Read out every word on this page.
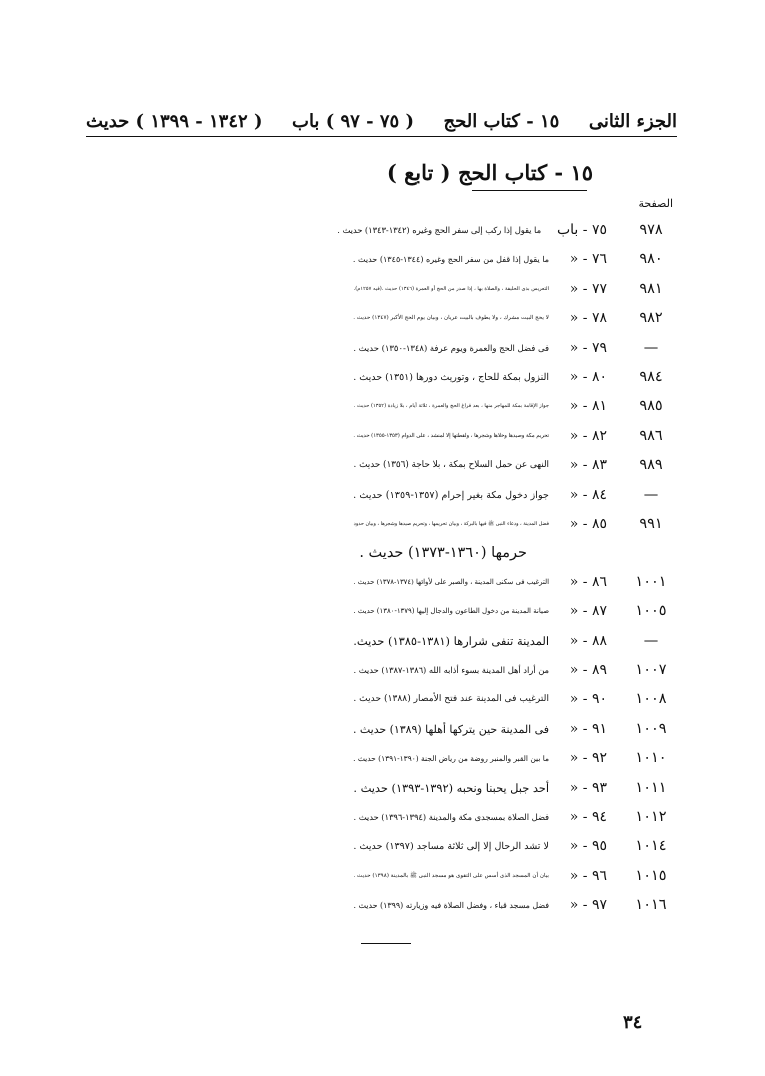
الجزء الثانى
١٥ - كتاب الحج
( ٧٥ - ٩٧ ) باب
( ١٣٤٢ - ١٣٩٩ ) حديث
١٥ - كتاب الحج ( تابع )
الصفحة
٩٧٨
٧٥ - باب
ما يقول إذا ركب إلى سفر الحج وغيره (١٣٤٢-١٣٤٣) حديث .
٩٨٠
٧٦ - «
ما يقول إذا قفل من سفر الحج وغيره (١٣٤٤-١٣٤٥) حديث .
٩٨١
٧٧ - «
التعريس بذى الحليفة ، والصلاة بها ، إذا صدر من الحج أو العمرة (١٣٤٦) حديث .(فيه ١٢٥٧م).
٩٨٢
٧٨ - «
لا يحج البيت مشرك ، ولا يطوف بالبيت عريان ، وبيان يوم الحج الأكبر (١٣٤٧) حديث .
—
٧٩ - «
فى فضل الحج والعمرة ويوم عرفة (١٣٤٨-١٣٥٠) حديث .
٩٨٤
٨٠ - «
النزول بمكة للحاج ، وتوريث دورها (١٣٥١) حديث .
٩٨٥
٨١ - «
جواز الإقامة بمكة للمهاجر منها ، بعد فراغ الحج والعمرة ، ثلاثة أيام ، بلا زيادة (١٣٥٢) حديث .
٩٨٦
٨٢ - «
تحريم مكة وصيدها وخلاها وشجرها ، ولقطتها إلا لمنشد ، على الدوام (١٣٥٣-١٣٥٥) حديث .
٩٨٩
٨٣ - «
النهى عن حمل السلاح بمكة ، بلا حاجة (١٣٥٦) حديث .
—
٨٤ - «
جواز دخول مكة بغير إحرام (١٣٥٧-١٣٥٩) حديث .
٩٩١
٨٥ - «
فضل المدينة ، ودعاء النبى ﷺ فيها بالبركة ، وبيان تحريمها ، وتحريم صيدها وشجرها ، وبيان حدود
حرمها (١٣٦٠-١٣٧٣) حديث .
١٠٠١
٨٦ - «
الترغيب فى سكنى المدينة ، والصبر على لأوائها (١٣٧٤-١٣٧٨) حديث .
١٠٠٥
٨٧ - «
صيانة المدينة من دخول الطاعون والدجال إليها (١٣٧٩-١٣٨٠) حديث .
—
٨٨ - «
المدينة تنفى شرارها (١٣٨١-١٣٨٥) حديث.
١٠٠٧
٨٩ - «
من أراد أهل المدينة بسوء أذابه الله (١٣٨٦-١٣٨٧) حديث .
١٠٠٨
٩٠ - «
الترغيب فى المدينة عند فتح الأمصار (١٣٨٨) حديث .
١٠٠٩
٩١ - «
فى المدينة حين يتركها أهلها (١٣٨٩) حديث .
١٠١٠
٩٢ - «
ما بين القبر والمنبر روضة من رياض الجنة (١٣٩٠-١٣٩١) حديث .
١٠١١
٩٣ - «
أحد جبل يحبنا ونحبه (١٣٩٢-١٣٩٣) حديث .
١٠١٢
٩٤ - «
فضل الصلاة بمسجدى مكة والمدينة (١٣٩٤-١٣٩٦) حديث .
١٠١٤
٩٥ - «
لا تشد الرحال إلا إلى ثلاثة مساجد (١٣٩٧) حديث .
١٠١٥
٩٦ - «
بيان أن المسجد الذى أسس على التقوى هو مسجد النبى ﷺ بالمدينة (١٣٩٨) حديث .
١٠١٦
٩٧ - «
فضل مسجد قباء ، وفضل الصلاة فيه وزيارته (١٣٩٩) حديث .
٣٤
